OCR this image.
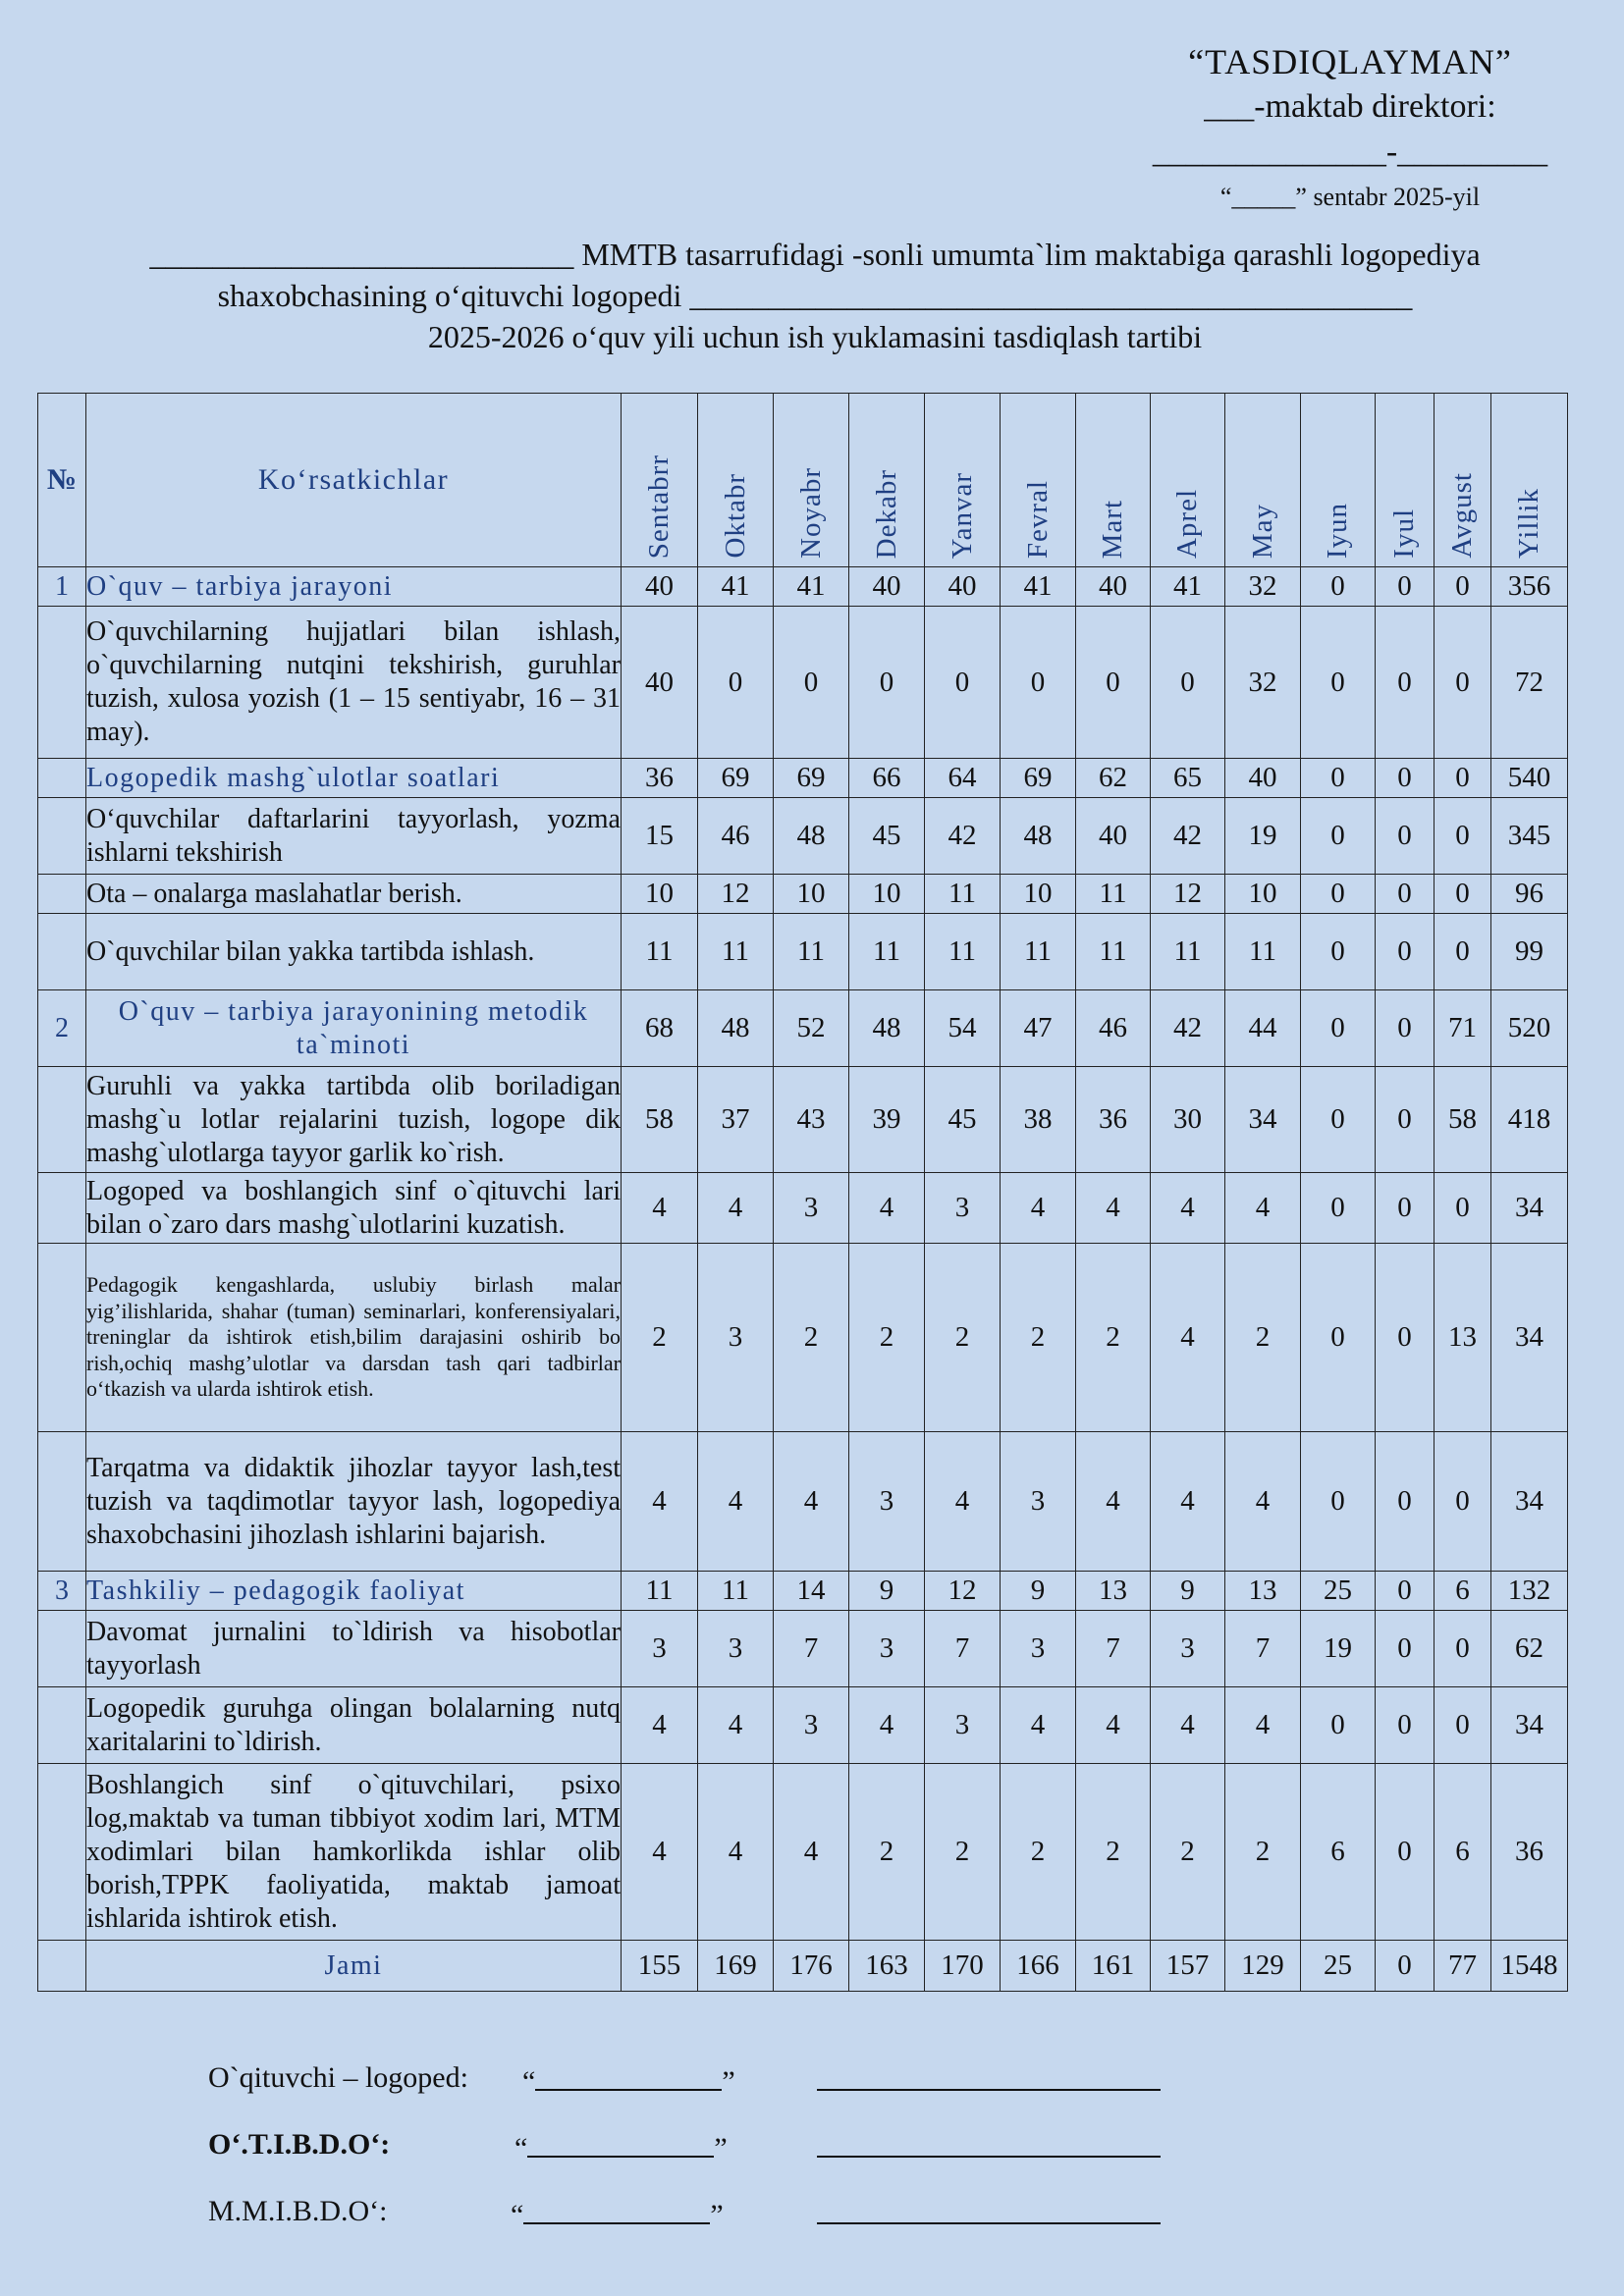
“TASDIQLAYMAN”
___-maktab direktori:
______________-_________
“_____” sentabr 2025-yil
___________________________ MMTB tasarrufidagi -sonli umumta`lim maktabiga qarashli logopediya
shaxobchasining o‘qituvchi logopedi ______________________________________________
2025-2026 o‘quv yili uchun ish yuklamasini tasdiqlash tartibi
№	Ko‘rsatkichlar	Sentabrr	Oktabr	Noyabr	Dekabr	Yanvar	Fevral	Mart	Aprel	May	Iyun	Iyul	Avgust	Yillik
1	O`quv – tarbiya jarayoni	40	41	41	40	40	41	40	41	32	0	0	0	356
	O`quvchilarning hujjatlari bilan ishlash, o`quvchilarning nutqini tekshirish, guruhlar tuzish, xulosa yozish (1 – 15 sentiyabr, 16 – 31 may).	40	0	0	0	0	0	0	0	32	0	0	0	72
	Logopedik mashg`ulotlar soatlari	36	69	69	66	64	69	62	65	40	0	0	0	540
	O‘quvchilar daftarlarini tayyorlash, yozma ishlarni tekshirish	15	46	48	45	42	48	40	42	19	0	0	0	345
	Ota – onalarga maslahatlar berish.	10	12	10	10	11	10	11	12	10	0	0	0	96
	O`quvchilar bilan yakka tartibda ishlash.	11	11	11	11	11	11	11	11	11	0	0	0	99
2	O`quv – tarbiya jarayonining metodik ta`minoti	68	48	52	48	54	47	46	42	44	0	0	71	520
	Guruhli va yakka tartibda olib boriladigan mashg`u lotlar rejalarini tuzish, logope dik mashg`ulotlarga tayyor garlik ko`rish.	58	37	43	39	45	38	36	30	34	0	0	58	418
	Logoped va boshlangich sinf o`qituvchi lari bilan o`zaro dars mashg`ulotlarini kuzatish.	4	4	3	4	3	4	4	4	4	0	0	0	34
	Pedagogik kengashlarda, uslubiy birlash malar yig’ilishlarida, shahar (tuman) seminarlari, konferensiyalari, treninglar da ishtirok etish,bilim darajasini oshirib bo rish,ochiq mashg’ulotlar va darsdan tash qari tadbirlar o‘tkazish va ularda ishtirok etish.	2	3	2	2	2	2	2	4	2	0	0	13	34
	Tarqatma va didaktik jihozlar tayyor lash,test tuzish va taqdimotlar tayyor lash, logopediya shaxobchasini jihozlash ishlarini bajarish.	4	4	4	3	4	3	4	4	4	0	0	0	34
3	Tashkiliy – pedagogik faoliyat	11	11	14	9	12	9	13	9	13	25	0	6	132
	Davomat jurnalini to`ldirish va hisobotlar tayyorlash	3	3	7	3	7	3	7	3	7	19	0	0	62
	Logopedik guruhga olingan bolalarning nutq xaritalarini to`ldirish.	4	4	3	4	3	4	4	4	4	0	0	0	34
	Boshlangich sinf o`qituvchilari, psixo log,maktab va tuman tibbiyot xodim lari, MTM xodimlari bilan hamkorlikda ishlar olib borish,TPPK faoliyatida, maktab jamoat ishlarida ishtirok etish.	4	4	4	2	2	2	2	2	2	6	0	6	36
	Jami	155	169	176	163	170	166	161	157	129	25	0	77	1548
O`qituvchi – logoped: “	”
O‘.T.I.B.D.O‘:	“	”
M.M.I.B.D.O‘:	“	”
